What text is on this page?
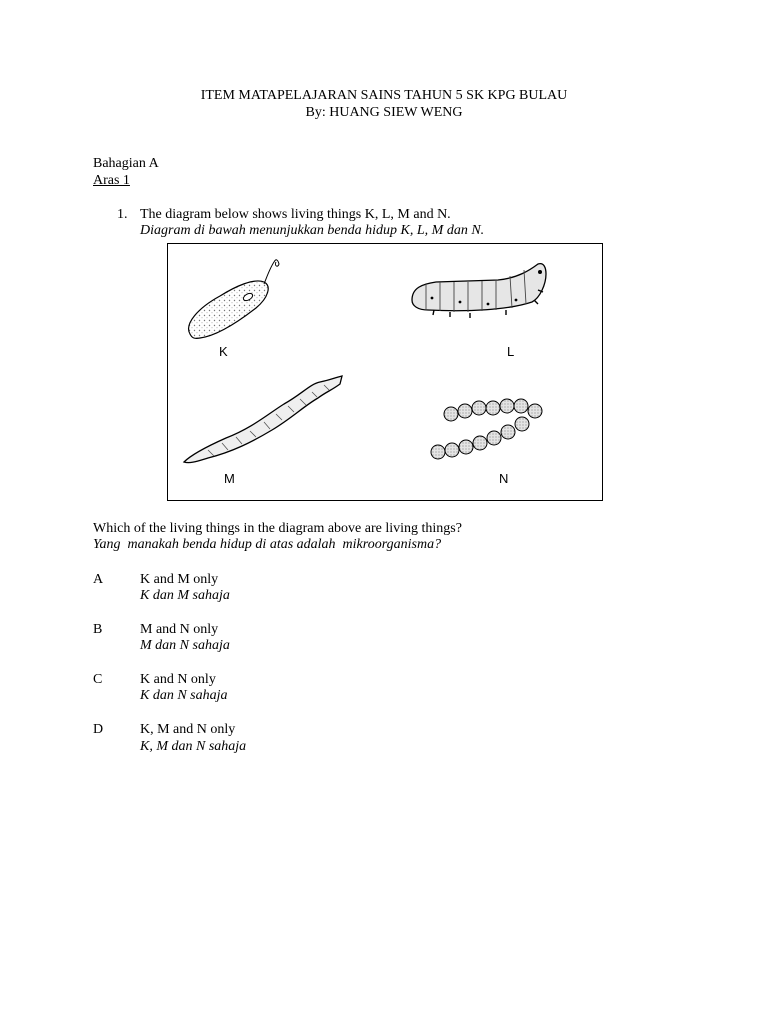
ITEM MATAPELAJARAN SAINS TAHUN 5 SK KPG BULAU
By: HUANG SIEW WENG
Bahagian A
Aras 1
1. The diagram below shows living things K, L, M and N.
Diagram di bawah menunjukkan benda hidup K, L, M dan N.
K	L
M	N
Which of the living things in the diagram above are living things?
Yang  manakah benda hidup di atas adalah  mikroorganisma?
A	K and M only
K dan M sahaja
B	M and N only
M dan N sahaja
C	K and N only
K dan N sahaja
D	K, M and N only
K, M dan N sahaja
